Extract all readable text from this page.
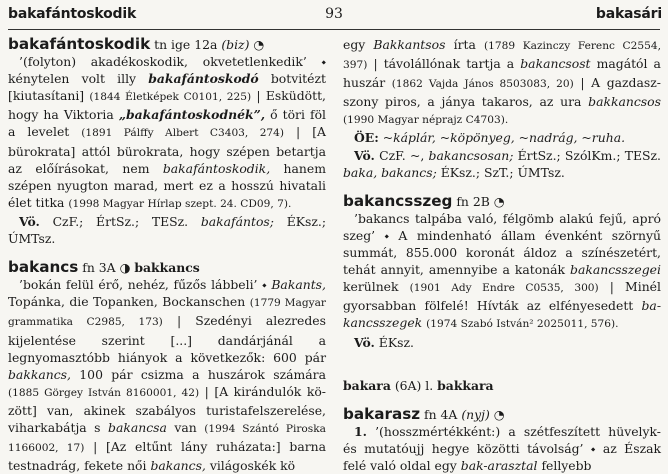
bakafántoskodik	93	bakasári

bakafántoskodik tn ige 12a (biz) ◔

’(folyton) akadékoskodik, okvetetlenkedik’ ⬩ kénytelen volt illy bakafántoskodó botvitézt [kiutasítani] (1844 Életképek C0101, 225) | Esküdött, hogy ha Viktoria „bakafántoskodnék”, ő töri föl a levelet (1891 Pálffy Albert C3403, 274) | [A bürokrata] attól bürokrata, hogy szépen betartja az előírásokat, nem bakafántoskodik, hanem szépen nyugton marad, mert ez a hosszú hivatali élet titka (1998 Magyar Hírlap szept. 24. CD09, 7).

Vö. CzF.; ÉrtSz.; TESz. bakafántos; ÉKsz.; ÚMTsz.

bakancs fn 3A ◑ bakkancs

’bokán felül érő, nehéz, fűzős lábbeli’ ⬩ Bakants, Topánka, die Topanken, Bockanschen (1779 Magyar grammatika C2985, 173) | Szedényi alezredes kijelentése szerint [...] dandárjánál a legnyomasztóbb hiányok a következők: 600 pár bakkancs, 100 pár csizma a huszárok számára (1885 Görgey István 8160001, 42) | [A kirándulók között] van, akinek szabályos turistafelszerelése, viharkabátja s bakancsa van (1994 Szántó Piroska 1166002, 17) | [Az eltűnt lány ruházata:] barna testnadrág, fekete női bakancs, világoskék kö

egy Bakkantsos írta (1789 Kazinczy Ferenc C2554, 397) | távolállónak tartja a bakancsost magától a huszár (1862 Vajda János 8503083, 20) | A gazdaszszony piros, a jánya takaros, az ura bakkancsos (1990 Magyar néprajz C4703).

ÖE: ~káplár, ~köpönyeg, ~nadrág, ~ruha.

Vö. CzF. ~, bakancsosan; ÉrtSz.; SzólKm.; TESz. baka, bakancs; ÉKsz.; SzT.; ÚMTsz.

bakancsszeg fn 2B ◔

’bakancs talpába való, félgömb alakú fejű, apró szeg’ ⬩ A mindenható állam évenként szörnyű summát, 855.000 koronát áldoz a színészetért, tehát annyit, amennyibe a katonák bakancsszegei kerülnek (1901 Ady Endre C0535, 300) | Minél gyorsabban fölfelé! Hívták az elfényesedett bakancsszegek (1974 Szabó István² 2025011, 576).

Vö. ÉKsz.

bakara (6A) l. bakkara

bakarasz fn 4A (nyj) ◔

1. ’(hosszmértékként:) a szétfeszített hüvelyk- és mutatóujj hegye közötti távolság’ ⬩ az Észak felé való oldal egy bak-arasztal fellyebb
